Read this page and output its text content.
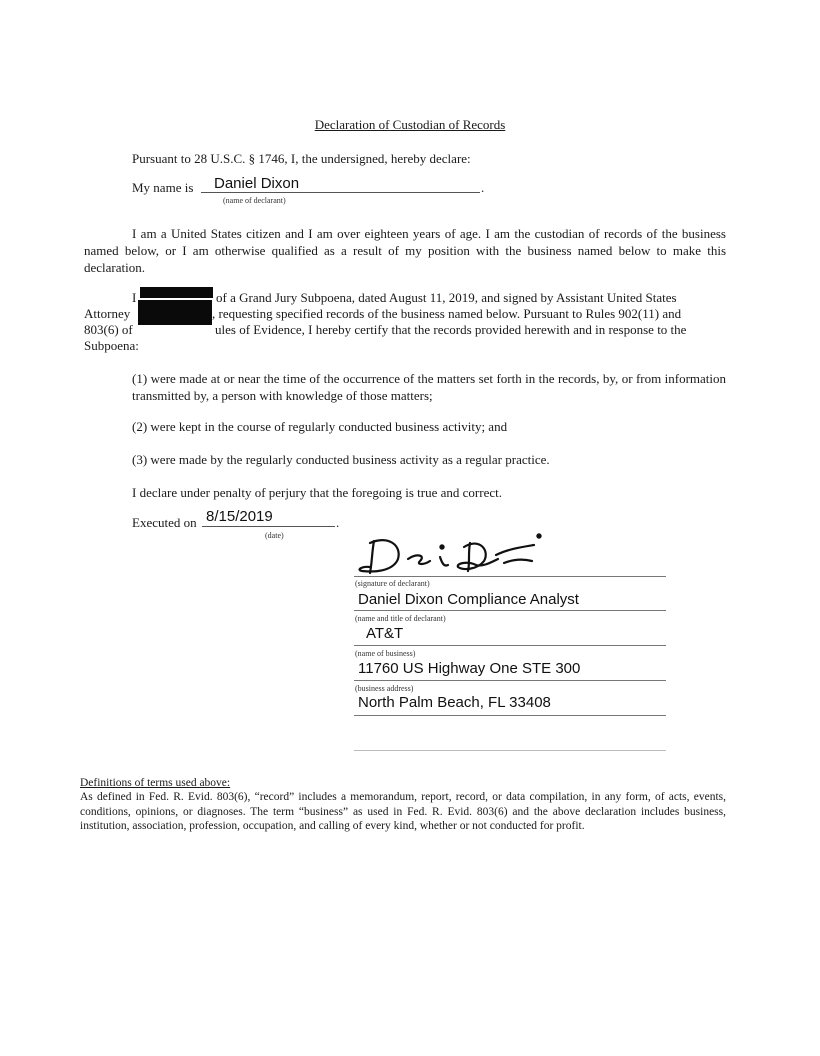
Declaration of Custodian of Records
Pursuant to 28 U.S.C. § 1746, I, the undersigned, hereby declare:
My name is Daniel Dixon	.
(name of declarant)
I am a United States citizen and I am over eighteen years of age. I am the custodian of records of the business named below, or I am otherwise qualified as a result of my position with the business named below to make this declaration.
I	of a Grand Jury Subpoena, dated August 11, 2019, and signed by Assistant United States
Attorney	, requesting specified records of the business named below. Pursuant to Rules 902(11) and
803(6) of	ules of Evidence, I hereby certify that the records provided herewith and in response to the
Subpoena:
(1) were made at or near the time of the occurrence of the matters set forth in the records, by, or from information transmitted by, a person with knowledge of those matters;
(2) were kept in the course of regularly conducted business activity; and
(3) were made by the regularly conducted business activity as a regular practice.
I declare under penalty of perjury that the foregoing is true and correct.
Executed on 8/15/2019	.
(date)
(signature of declarant)
Daniel Dixon Compliance Analyst
(name and title of declarant)
AT&T
(name of business)
11760 US Highway One STE 300
(business address)
North Palm Beach, FL 33408
Definitions of terms used above:
As defined in Fed. R. Evid. 803(6), “record” includes a memorandum, report, record, or data compilation, in any form, of acts, events, conditions, opinions, or diagnoses. The term “business” as used in Fed. R. Evid. 803(6) and the above declaration includes business, institution, association, profession, occupation, and calling of every kind, whether or not conducted for profit.
